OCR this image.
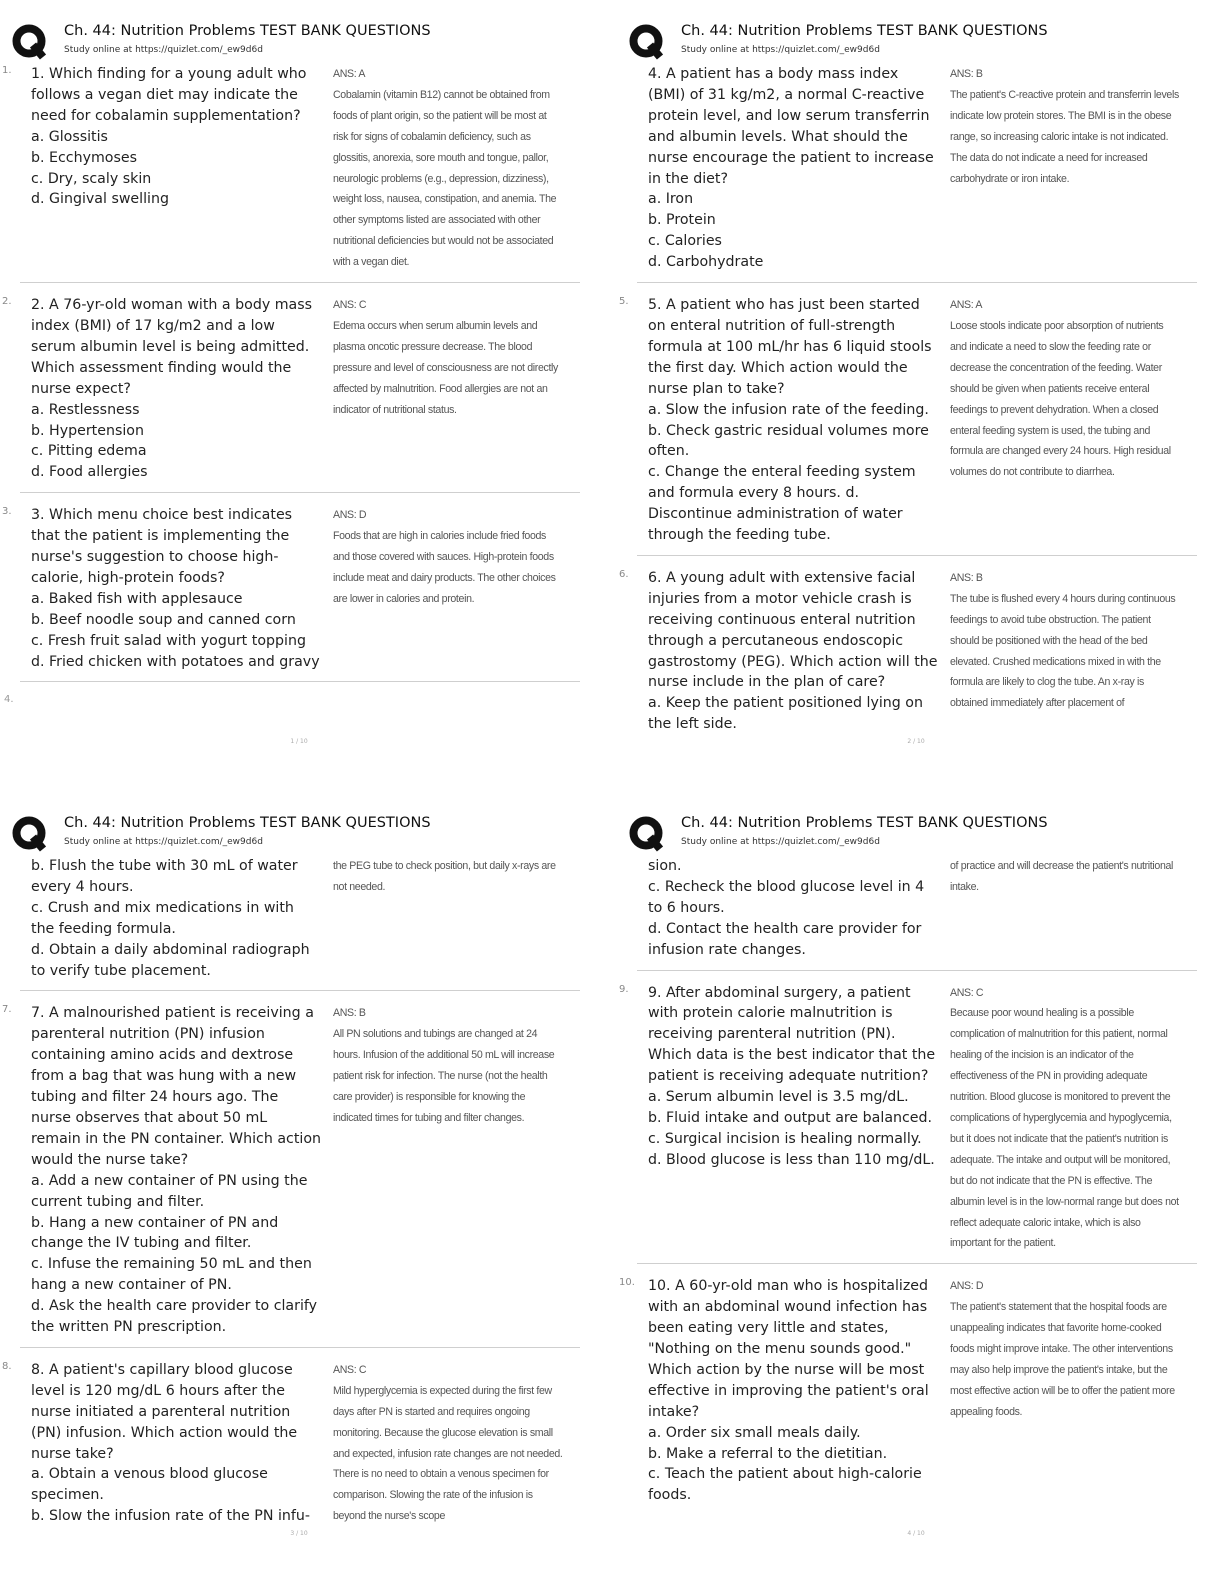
Ch. 44: Nutrition Problems TEST BANK QUESTIONS
Study online at https://quizlet.com/_ew9d6d
1.	1. Which finding for a young adult who follows a vegan diet may indicate the need for cobalamin supplementation?
a. Glossitis
b. Ecchymoses
c. Dry, scaly skin
d. Gingival swelling
ANS: A
Cobalamin (vitamin B12) cannot be obtained from foods of plant origin, so the patient will be most at risk for signs of cobalamin deficiency, such as glossitis, anorexia, sore mouth and tongue, pallor, neurologic problems (e.g., depression, dizziness), weight loss, nausea, constipation, and anemia. The other symptoms listed are associated with other nutritional deficiencies but would not be associated with a vegan diet.
2.	2. A 76-yr-old woman with a body mass index (BMI) of 17 kg/m2 and a low serum albumin level is being admitted. Which assessment finding would the nurse expect?
a. Restlessness
b. Hypertension
c. Pitting edema
d. Food allergies
ANS: C
Edema occurs when serum albumin levels and plasma oncotic pressure decrease. The blood pressure and level of consciousness are not directly affected by malnutrition. Food allergies are not an indicator of nutritional status.
3.	3. Which menu choice best indicates that the patient is implementing the nurse's suggestion to choose high-calorie, high-protein foods?
a. Baked fish with applesauce
b. Beef noodle soup and canned corn
c. Fresh fruit salad with yogurt topping
d. Fried chicken with potatoes and gravy
ANS: D
Foods that are high in calories include fried foods and those covered with sauces. High-protein foods include meat and dairy products. The other choices are lower in calories and protein.
4.
1 / 10
Ch. 44: Nutrition Problems TEST BANK QUESTIONS
Study online at https://quizlet.com/_ew9d6d
4. A patient has a body mass index (BMI) of 31 kg/m2, a normal C-reactive protein level, and low serum transferrin and albumin levels. What should the nurse encourage the patient to increase in the diet?
a. Iron
b. Protein
c. Calories
d. Carbohydrate
ANS: B
The patient's C-reactive protein and transferrin levels indicate low protein stores. The BMI is in the obese range, so increasing caloric intake is not indicated. The data do not indicate a need for increased carbohydrate or iron intake.
5.	5. A patient who has just been started on enteral nutrition of full-strength formula at 100 mL/hr has 6 liquid stools the first day. Which action would the nurse plan to take?
a. Slow the infusion rate of the feeding.
b. Check gastric residual volumes more often.
c. Change the enteral feeding system and formula every 8 hours. d. Discontinue administration of water through the feeding tube.
ANS: A
Loose stools indicate poor absorption of nutrients and indicate a need to slow the feeding rate or decrease the concentration of the feeding. Water should be given when patients receive enteral feedings to prevent dehydration. When a closed enteral feeding system is used, the tubing and formula are changed every 24 hours. High residual volumes do not contribute to diarrhea.
6.	6. A young adult with extensive facial injuries from a motor vehicle crash is receiving continuous enteral nutrition through a percutaneous endoscopic gastrostomy (PEG). Which action will the nurse include in the plan of care?
a. Keep the patient positioned lying on the left side.
ANS: B
The tube is flushed every 4 hours during continuous feedings to avoid tube obstruction. The patient should be positioned with the head of the bed elevated. Crushed medications mixed in with the formula are likely to clog the tube. An x-ray is obtained immediately after placement of
2 / 10
Ch. 44: Nutrition Problems TEST BANK QUESTIONS
Study online at https://quizlet.com/_ew9d6d
b. Flush the tube with 30 mL of water every 4 hours.
c. Crush and mix medications in with the feeding formula.
d. Obtain a daily abdominal radiograph to verify tube placement.
the PEG tube to check position, but daily x-rays are not needed.
7.	7. A malnourished patient is receiving a parenteral nutrition (PN) infusion containing amino acids and dextrose from a bag that was hung with a new tubing and filter 24 hours ago. The nurse observes that about 50 mL remain in the PN container. Which action would the nurse take?
a. Add a new container of PN using the current tubing and filter.
b. Hang a new container of PN and change the IV tubing and filter.
c. Infuse the remaining 50 mL and then hang a new container of PN.
d. Ask the health care provider to clarify the written PN prescription.
ANS: B
All PN solutions and tubings are changed at 24 hours. Infusion of the additional 50 mL will increase patient risk for infection. The nurse (not the health care provider) is responsible for knowing the indicated times for tubing and filter changes.
8.	8. A patient's capillary blood glucose level is 120 mg/dL 6 hours after the nurse initiated a parenteral nutrition (PN) infusion. Which action would the nurse take?
a. Obtain a venous blood glucose specimen.
b. Slow the infusion rate of the PN infu-
ANS: C
Mild hyperglycemia is expected during the first few days after PN is started and requires ongoing monitoring. Because the glucose elevation is small and expected, infusion rate changes are not needed. There is no need to obtain a venous specimen for comparison. Slowing the rate of the infusion is beyond the nurse's scope
3 / 10
Ch. 44: Nutrition Problems TEST BANK QUESTIONS
Study online at https://quizlet.com/_ew9d6d
sion.
c. Recheck the blood glucose level in 4 to 6 hours.
d. Contact the health care provider for infusion rate changes.
of practice and will decrease the patient's nutritional intake.
9.	9. After abdominal surgery, a patient with protein calorie malnutrition is receiving parenteral nutrition (PN). Which data is the best indicator that the patient is receiving adequate nutrition?
a. Serum albumin level is 3.5 mg/dL.
b. Fluid intake and output are balanced.
c. Surgical incision is healing normally.
d. Blood glucose is less than 110 mg/dL.
ANS: C
Because poor wound healing is a possible complication of malnutrition for this patient, normal healing of the incision is an indicator of the effectiveness of the PN in providing adequate nutrition. Blood glucose is monitored to prevent the complications of hyperglycemia and hypoglycemia, but it does not indicate that the patient's nutrition is adequate. The intake and output will be monitored, but do not indicate that the PN is effective. The albumin level is in the low-normal range but does not reflect adequate caloric intake, which is also important for the patient.
10. 10. A 60-yr-old man who is hospitalized with an abdominal wound infection has been eating very little and states, "Nothing on the menu sounds good." Which action by the nurse will be most effective in improving the patient's oral intake?
a. Order six small meals daily.
b. Make a referral to the dietitian.
c. Teach the patient about high-calorie foods.
ANS: D
The patient's statement that the hospital foods are unappealing indicates that favorite home-cooked foods might improve intake. The other interventions may also help improve the patient's intake, but the most effective action will be to offer the patient more appealing foods.
4 / 10
